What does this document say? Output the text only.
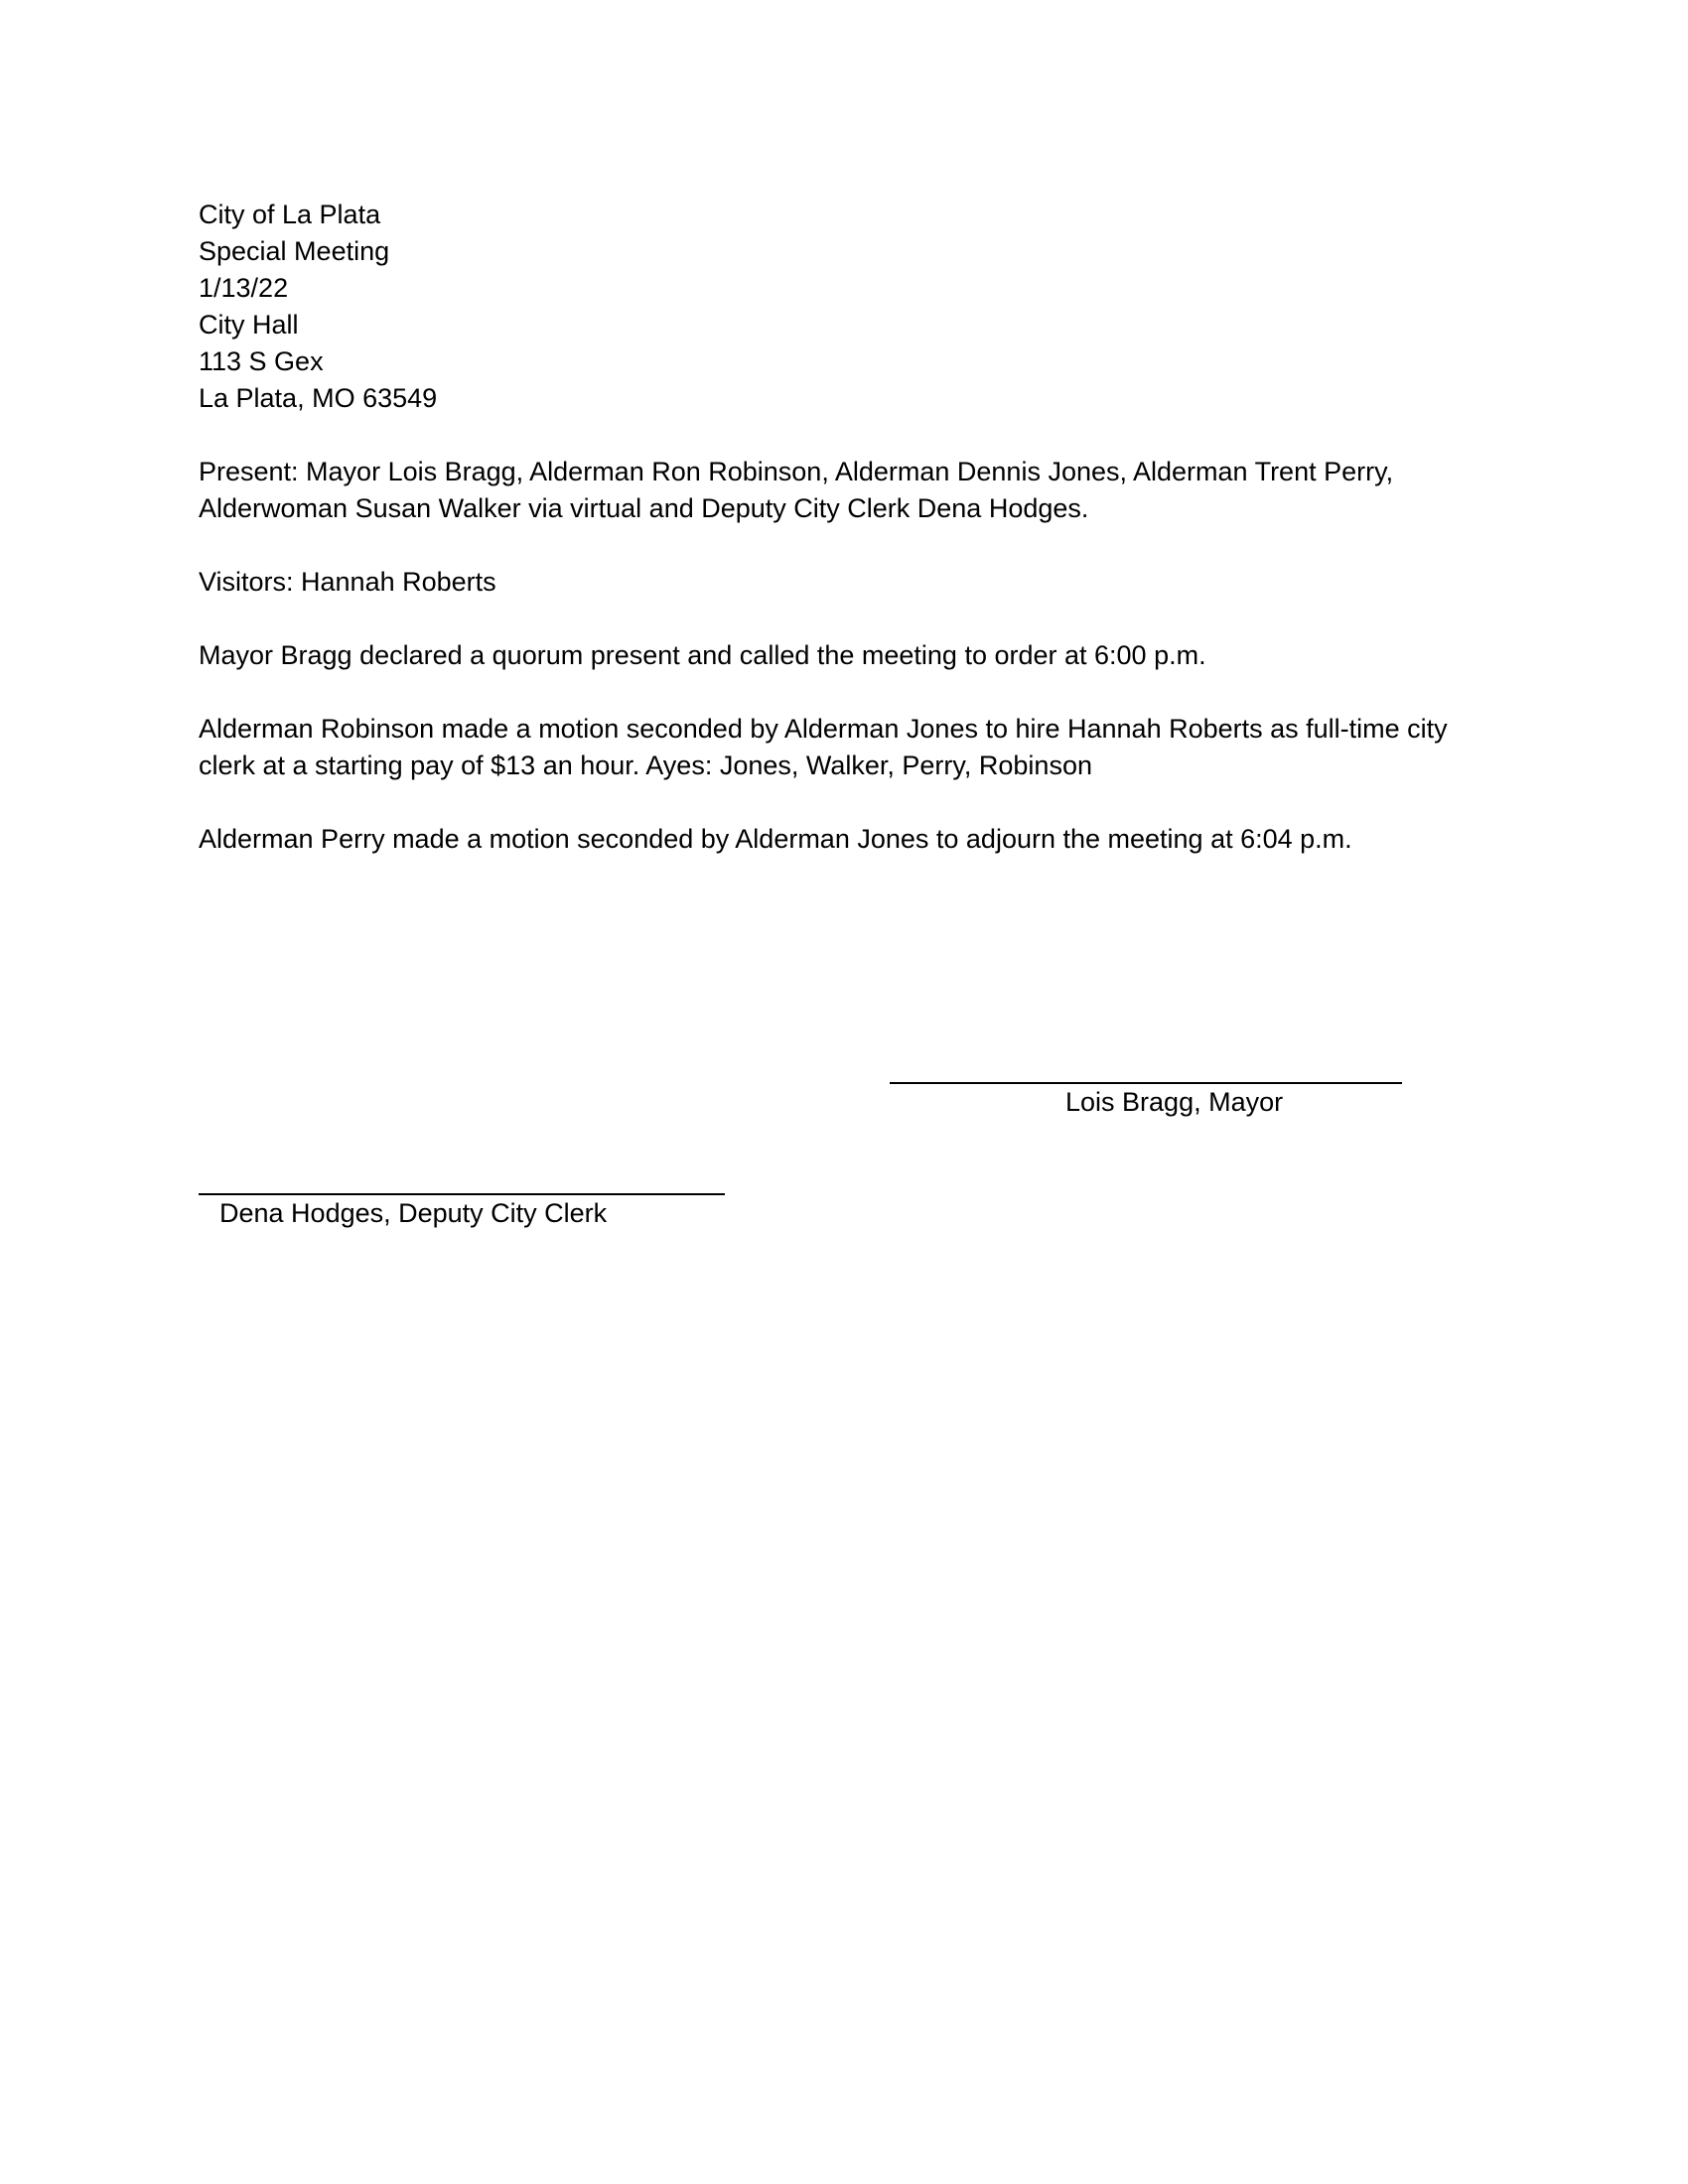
City of La Plata
Special Meeting
1/13/22
City Hall
113 S Gex
La Plata, MO 63549

Present: Mayor Lois Bragg, Alderman Ron Robinson, Alderman Dennis Jones, Alderman Trent Perry, Alderwoman Susan Walker via virtual and Deputy City Clerk Dena Hodges.

Visitors: Hannah Roberts

Mayor Bragg declared a quorum present and called the meeting to order at 6:00 p.m.

Alderman Robinson made a motion seconded by Alderman Jones to hire Hannah Roberts as full-time city clerk at a starting pay of $13 an hour. Ayes: Jones, Walker, Perry, Robinson

Alderman Perry made a motion seconded by Alderman Jones to adjourn the meeting at 6:04 p.m.

Lois Bragg, Mayor
Dena Hodges, Deputy City Clerk
